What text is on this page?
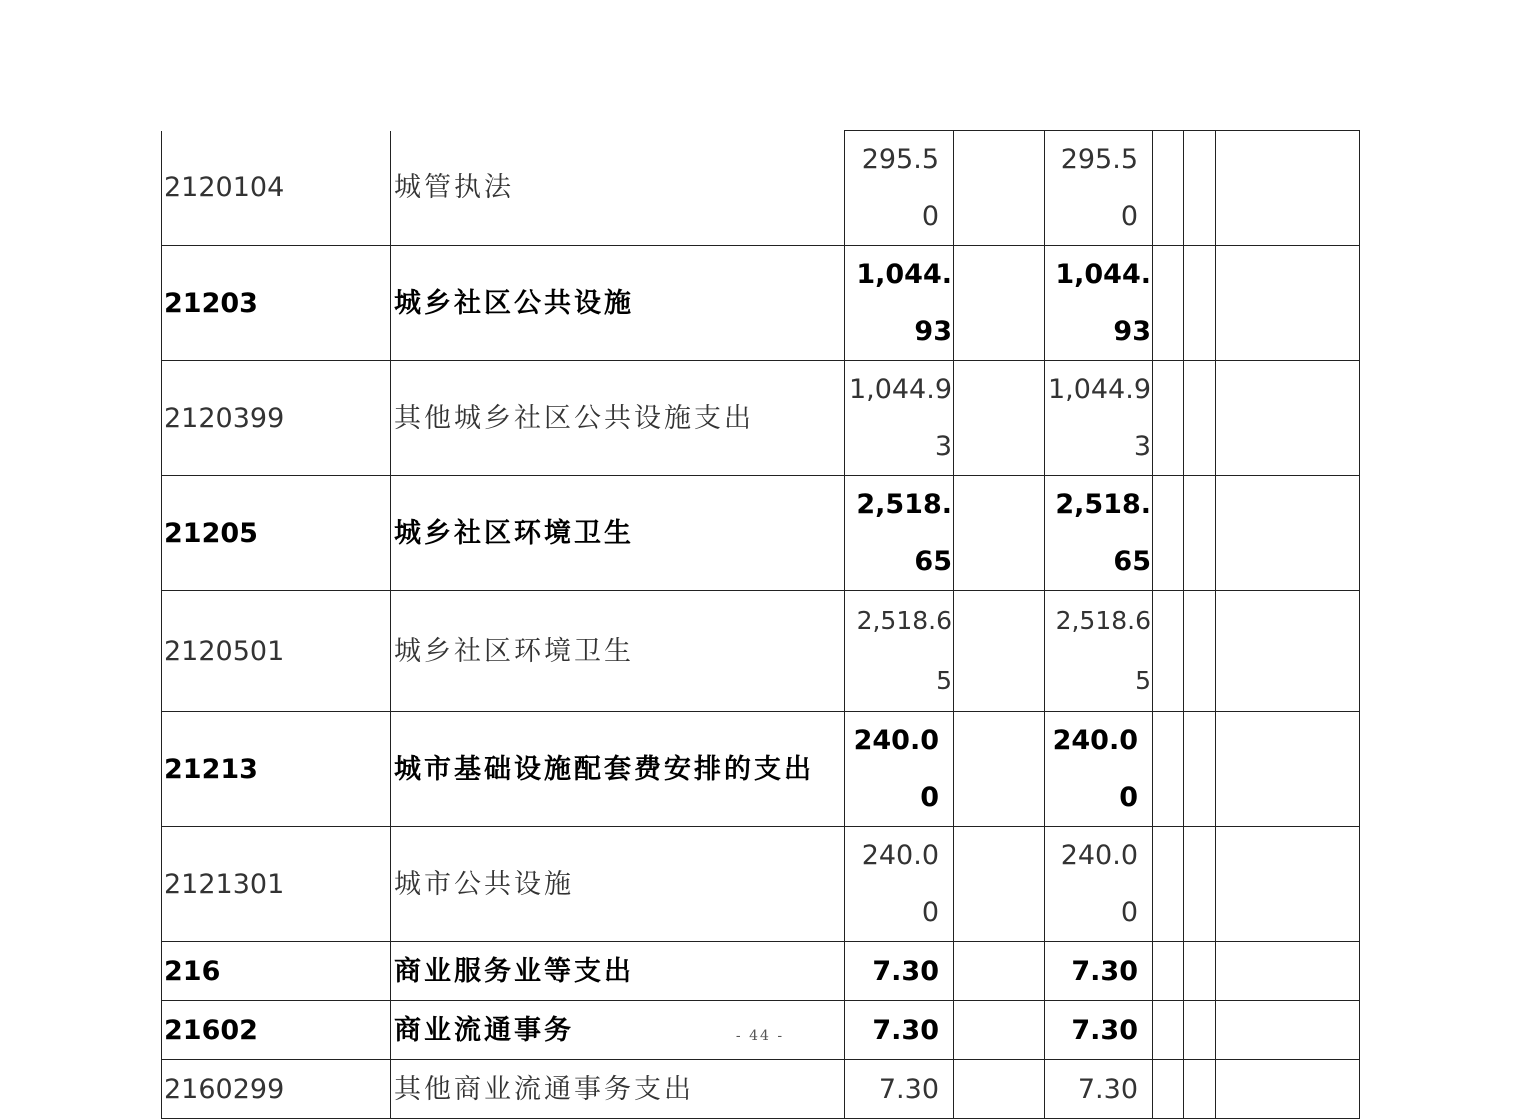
2120104	城管执法	295.50		295.50			
21203	城乡社区公共设施	1,044.93		1,044.93			
2120399	其他城乡社区公共设施支出	1,044.93		1,044.93			
21205	城乡社区环境卫生	2,518.65		2,518.65			
2120501	城乡社区环境卫生	2,518.65		2,518.65			
21213	城市基础设施配套费安排的支出	240.00		240.00			
2121301	城市公共设施	240.00		240.00			
216	商业服务业等支出	7.30		7.30			
21602	商业流通事务	7.30		7.30			
2160299	其他商业流通事务支出	7.30		7.30			
- 44 -
